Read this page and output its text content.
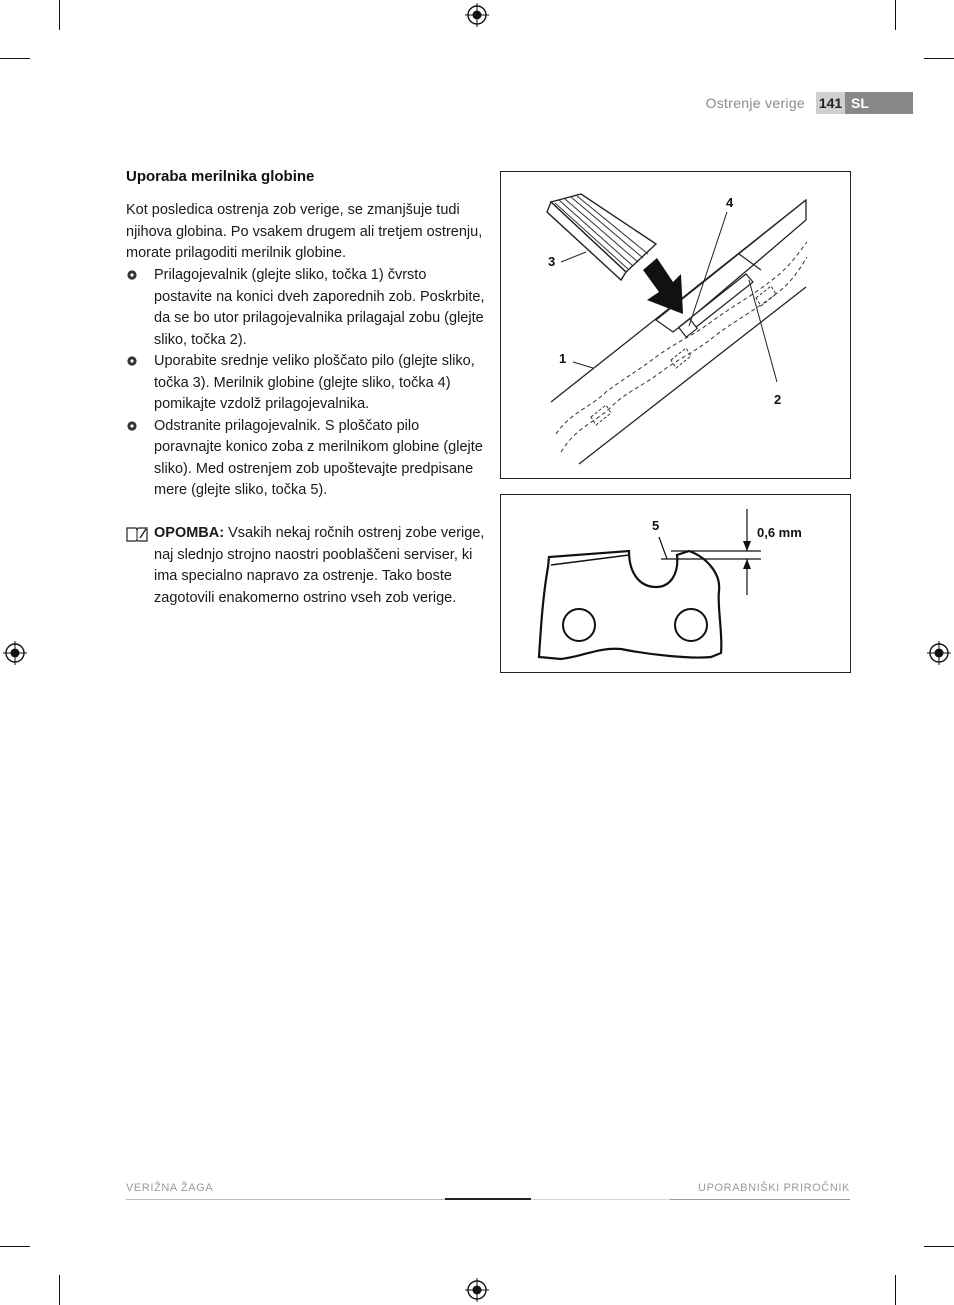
Ostrenje verige 141 SL
Uporaba merilnika globine

Kot posledica ostrenja zob verige, se zmanjšuje tudi njihova globina. Po vsakem drugem ali tretjem ostrenju, morate prilagoditi merilnik globine.

Prilagojevalnik (glejte sliko, točka 1) čvrsto postavite na konici dveh zaporednih zob. Poskrbite, da se bo utor prilagojevalnika prilagajal zobu (glejte sliko, točka 2).
Uporabite srednje veliko ploščato pilo (glejte sliko, točka 3). Merilnik globine (glejte sliko, točka 4) pomikajte vzdolž prilagojevalnika.
Odstranite prilagojevalnik. S ploščato pilo poravnajte konico zoba z merilnikom globine (glejte sliko). Med ostrenjem zob upoštevajte predpisane mere (glejte sliko, točka 5).
OPOMBA: Vsakih nekaj ročnih ostrenj zobe verige, naj slednjo strojno naostri pooblaščeni serviser, ki ima specialno napravo za ostrenje. Tako boste zagotovili enakomerno ostrino vseh zob verige.
3
1
4
2
5	0,6 mm
VERIŽNA ŽAGA	UPORABNIŠKI PRIROČNIK
